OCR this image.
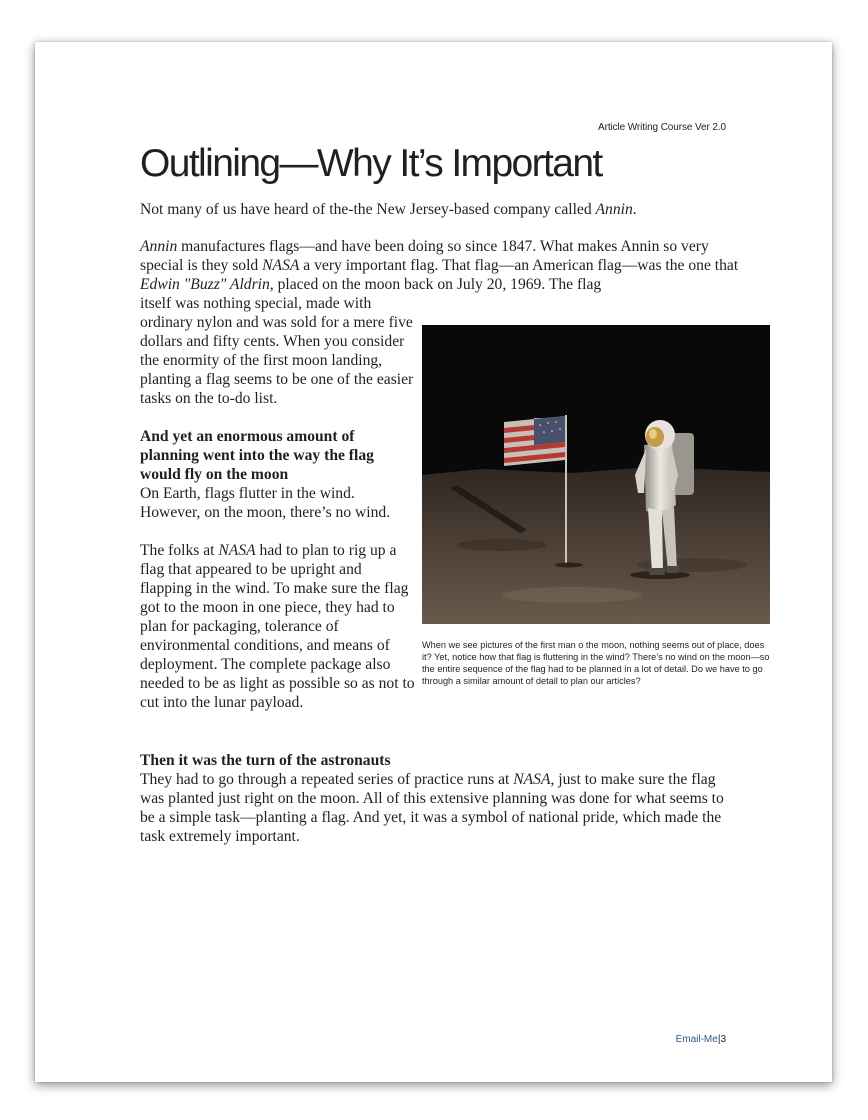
Article Writing Course Ver 2.0
Outlining—Why It’s Important

Not many of us have heard of the-the New Jersey-based company called Annin.

Annin manufactures flags—and have been doing so since 1847. What makes Annin so very special is they sold NASA a very important flag. That flag—an American flag—was the one that Edwin "Buzz" Aldrin, placed on the moon back on July 20, 1969. The flag

itself was nothing special, made with ordinary nylon and was sold for a mere five dollars and fifty cents. When you consider the enormity of the first moon landing, planting a flag seems to be one of the easier tasks on the to-do list.

And yet an enormous amount of planning went into the way the flag would fly on the moon

On Earth, flags flutter in the wind. However, on the moon, there’s no wind.

The folks at NASA had to plan to rig up a flag that appeared to be upright and flapping in the wind. To make sure the flag got to the moon in one piece, they had to plan for packaging, tolerance of environmental conditions, and means of deployment. The complete package also needed to be as light as possible so as not to cut into the lunar payload.

When we see pictures of the first man o the moon, nothing seems out of place, does it? Yet, notice how that flag is fluttering in the wind? There’s no wind on the moon—so the entire sequence of the flag had to be planned in a lot of detail. Do we have to go through a similar amount of detail to plan our articles?

Then it was the turn of the astronauts

They had to go through a repeated series of practice runs at NASA, just to make sure the flag was planted just right on the moon. All of this extensive planning was done for what seems to be a simple task—planting a flag. And yet, it was a symbol of national pride, which made the task extremely important.

Email-Me|3
